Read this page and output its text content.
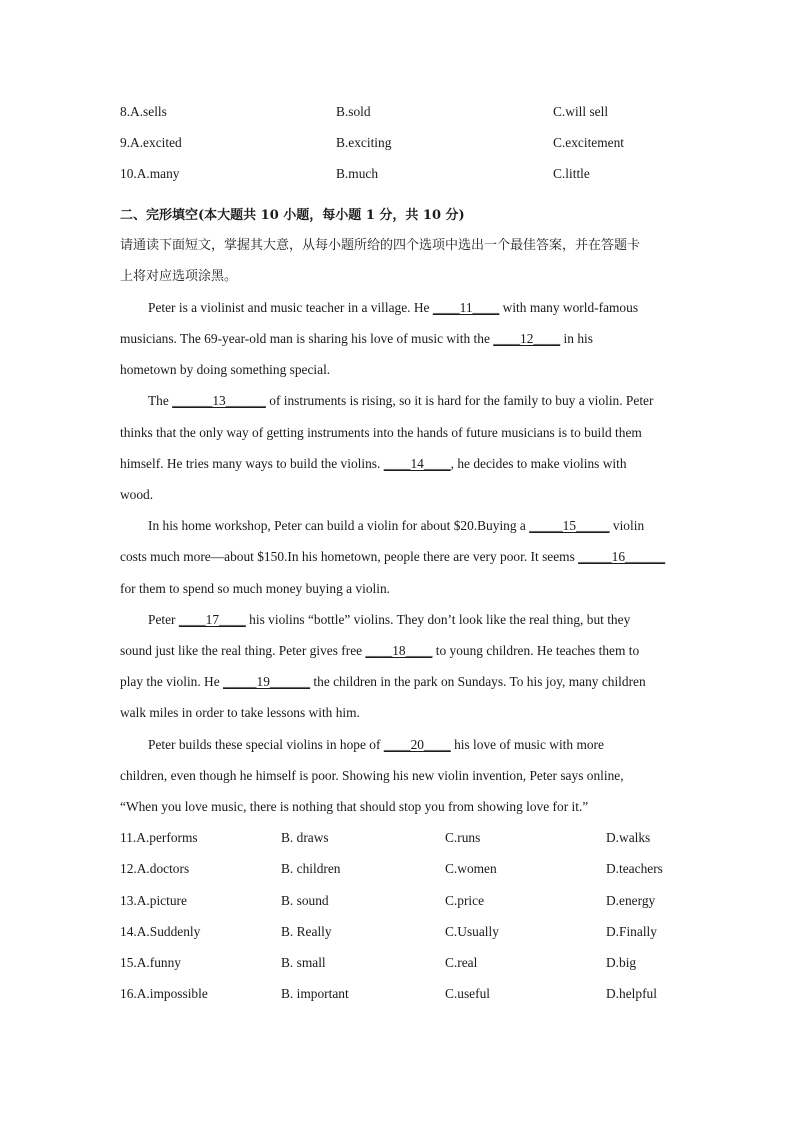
8.A.sells	B.sold	C.will sell
9.A.excited	B.exciting	C.excitement
10.A.many	B.much	C.little
二、完形填空(本大题共 10 小题，每小题 1 分，共 10 分)
请通读下面短文，掌握其大意，从每小题所给的四个选项中选出一个最佳答案，并在答题卡
上将对应选项涂黑。
Peter is a violinist and music teacher in a village. He ____11____ with many world-famous
musicians. The 69-year-old man is sharing his love of music with the ____12____ in his
hometown by doing something special.
The ______13______ of instruments is rising, so it is hard for the family to buy a violin. Peter
thinks that the only way of getting instruments into the hands of future musicians is to build them
himself. He tries many ways to build the violins. ____14____, he decides to make violins with
wood.
In his home workshop, Peter can build a violin for about $20.Buying a _____15_____ violin
costs much more—about $150.In his hometown, people there are very poor. It seems _____16______
for them to spend so much money buying a violin.
Peter ____17____ his violins “bottle” violins. They don’t look like the real thing, but they
sound just like the real thing. Peter gives free ____18____ to young children. He teaches them to
play the violin. He _____19______ the children in the park on Sundays. To his joy, many children
walk miles in order to take lessons with him.
Peter builds these special violins in hope of ____20____ his love of music with more
children, even though he himself is poor. Showing his new violin invention, Peter says online,
“When you love music, there is nothing that should stop you from showing love for it.”
11.A.performs	B. draws	C.runs	D.walks
12.A.doctors	B. children	C.women	D.teachers
13.A.picture	B. sound	C.price	D.energy
14.A.Suddenly	B. Really	C.Usually	D.Finally
15.A.funny	B. small	C.real	D.big
16.A.impossible	B. important	C.useful	D.helpful
